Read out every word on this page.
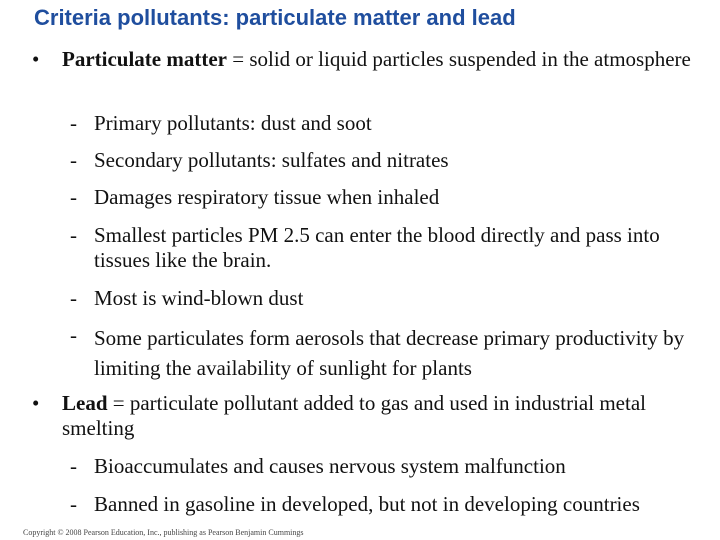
Criteria pollutants: particulate matter and lead
• Particulate matter = solid or liquid particles suspended in the atmosphere
- Primary pollutants: dust and soot
- Secondary pollutants: sulfates and nitrates
- Damages respiratory tissue when inhaled
- Smallest particles PM 2.5 can enter the blood directly and pass into tissues like the brain.
- Most is wind-blown dust
- Some particulates form aerosols that decrease primary productivity by limiting the availability of sunlight for plants
• Lead = particulate pollutant added to gas and used in industrial metal smelting
- Bioaccumulates and causes nervous system malfunction
- Banned in gasoline in developed, but not in developing countries
Copyright © 2008 Pearson Education, Inc., publishing as Pearson Benjamin Cummings
